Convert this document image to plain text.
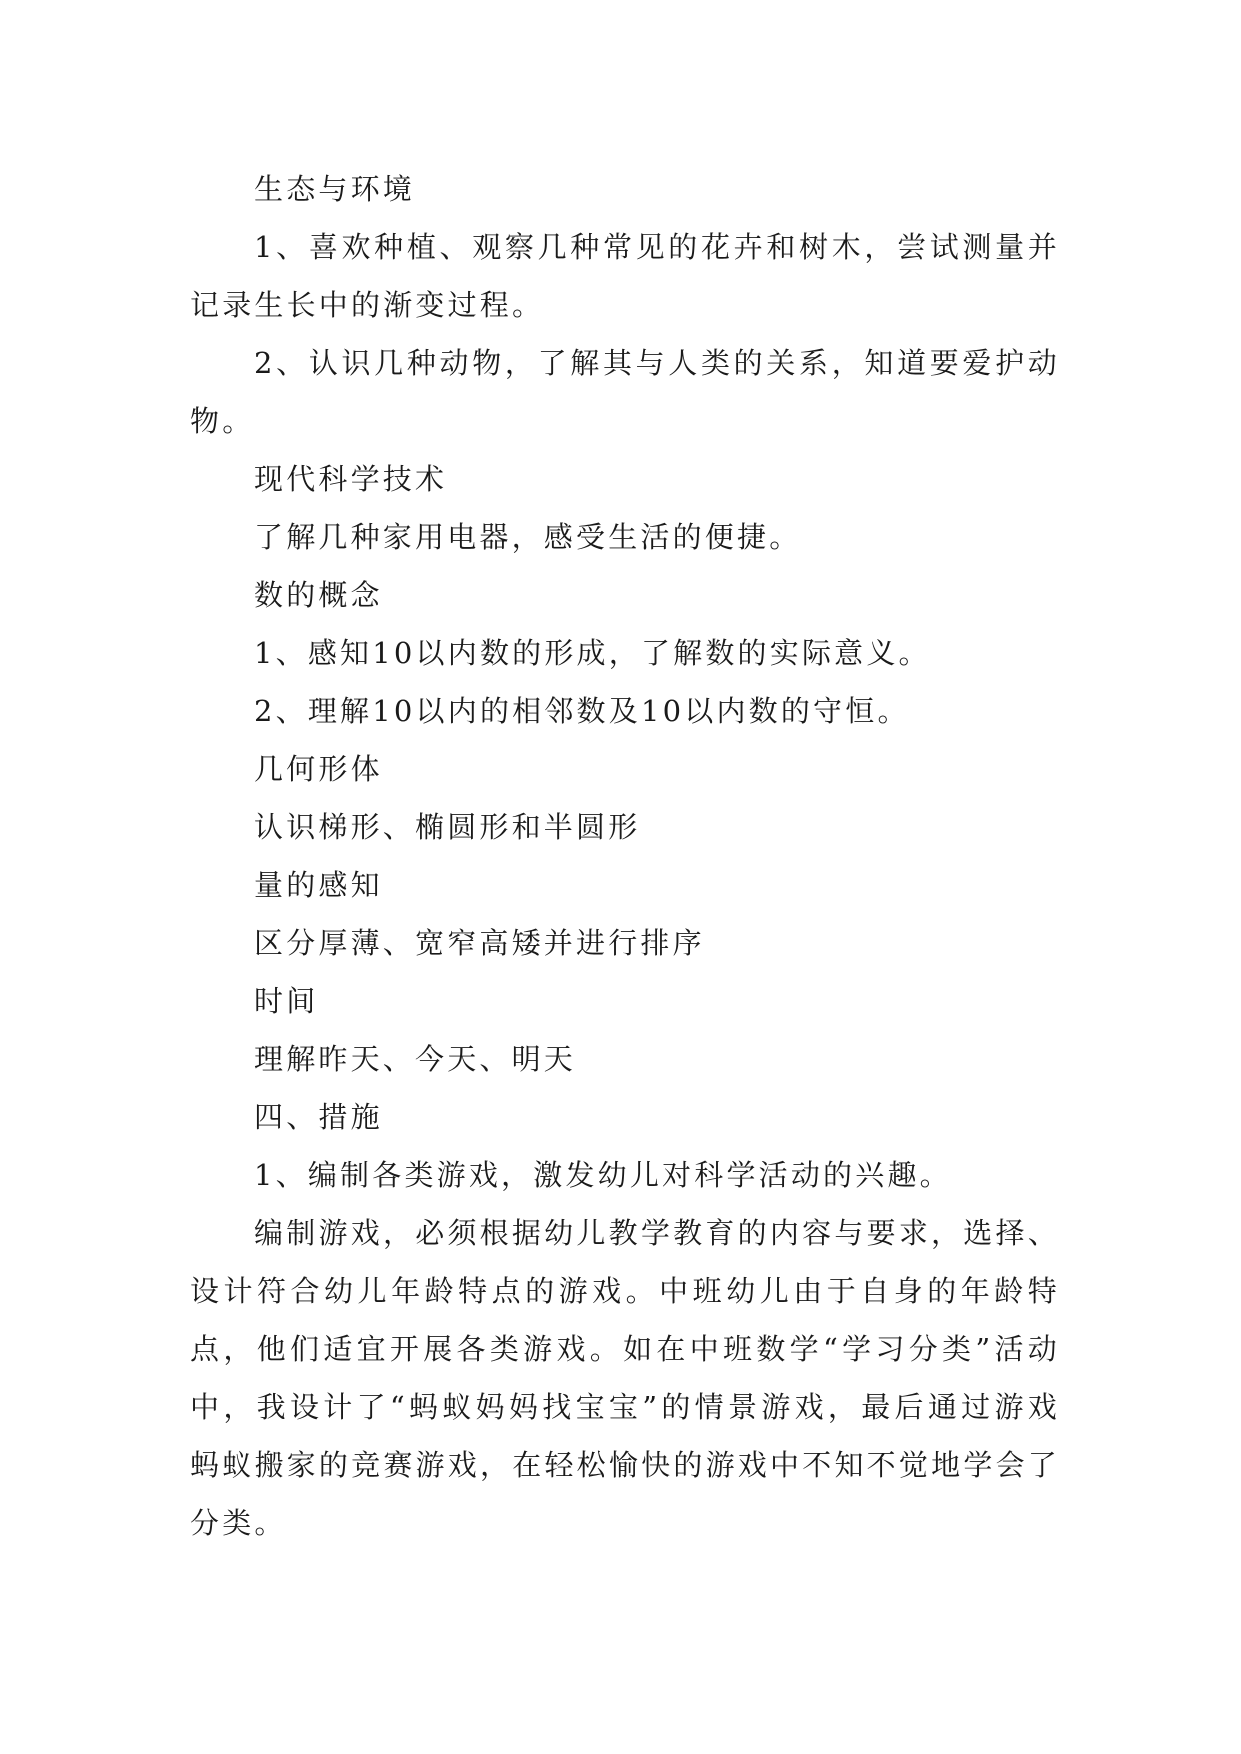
生态与环境

1、喜欢种植、观察几种常见的花卉和树木，尝试测量并记录生长中的渐变过程。

2、认识几种动物，了解其与人类的关系，知道要爱护动物。

现代科学技术

了解几种家用电器，感受生活的便捷。

数的概念

1、感知10以内数的形成，了解数的实际意义。

2、理解10以内的相邻数及10以内数的守恒。

几何形体

认识梯形、椭圆形和半圆形

量的感知

区分厚薄、宽窄高矮并进行排序

时间

理解昨天、今天、明天

四、措施

1、编制各类游戏，激发幼儿对科学活动的兴趣。

编制游戏，必须根据幼儿教学教育的内容与要求，选择、设计符合幼儿年龄特点的游戏。中班幼儿由于自身的年龄特点，他们适宜开展各类游戏。如在中班数学“学习分类”活动中，我设计了“蚂蚁妈妈找宝宝”的情景游戏，最后通过游戏蚂蚁搬家的竞赛游戏，在轻松愉快的游戏中不知不觉地学会了分类。
